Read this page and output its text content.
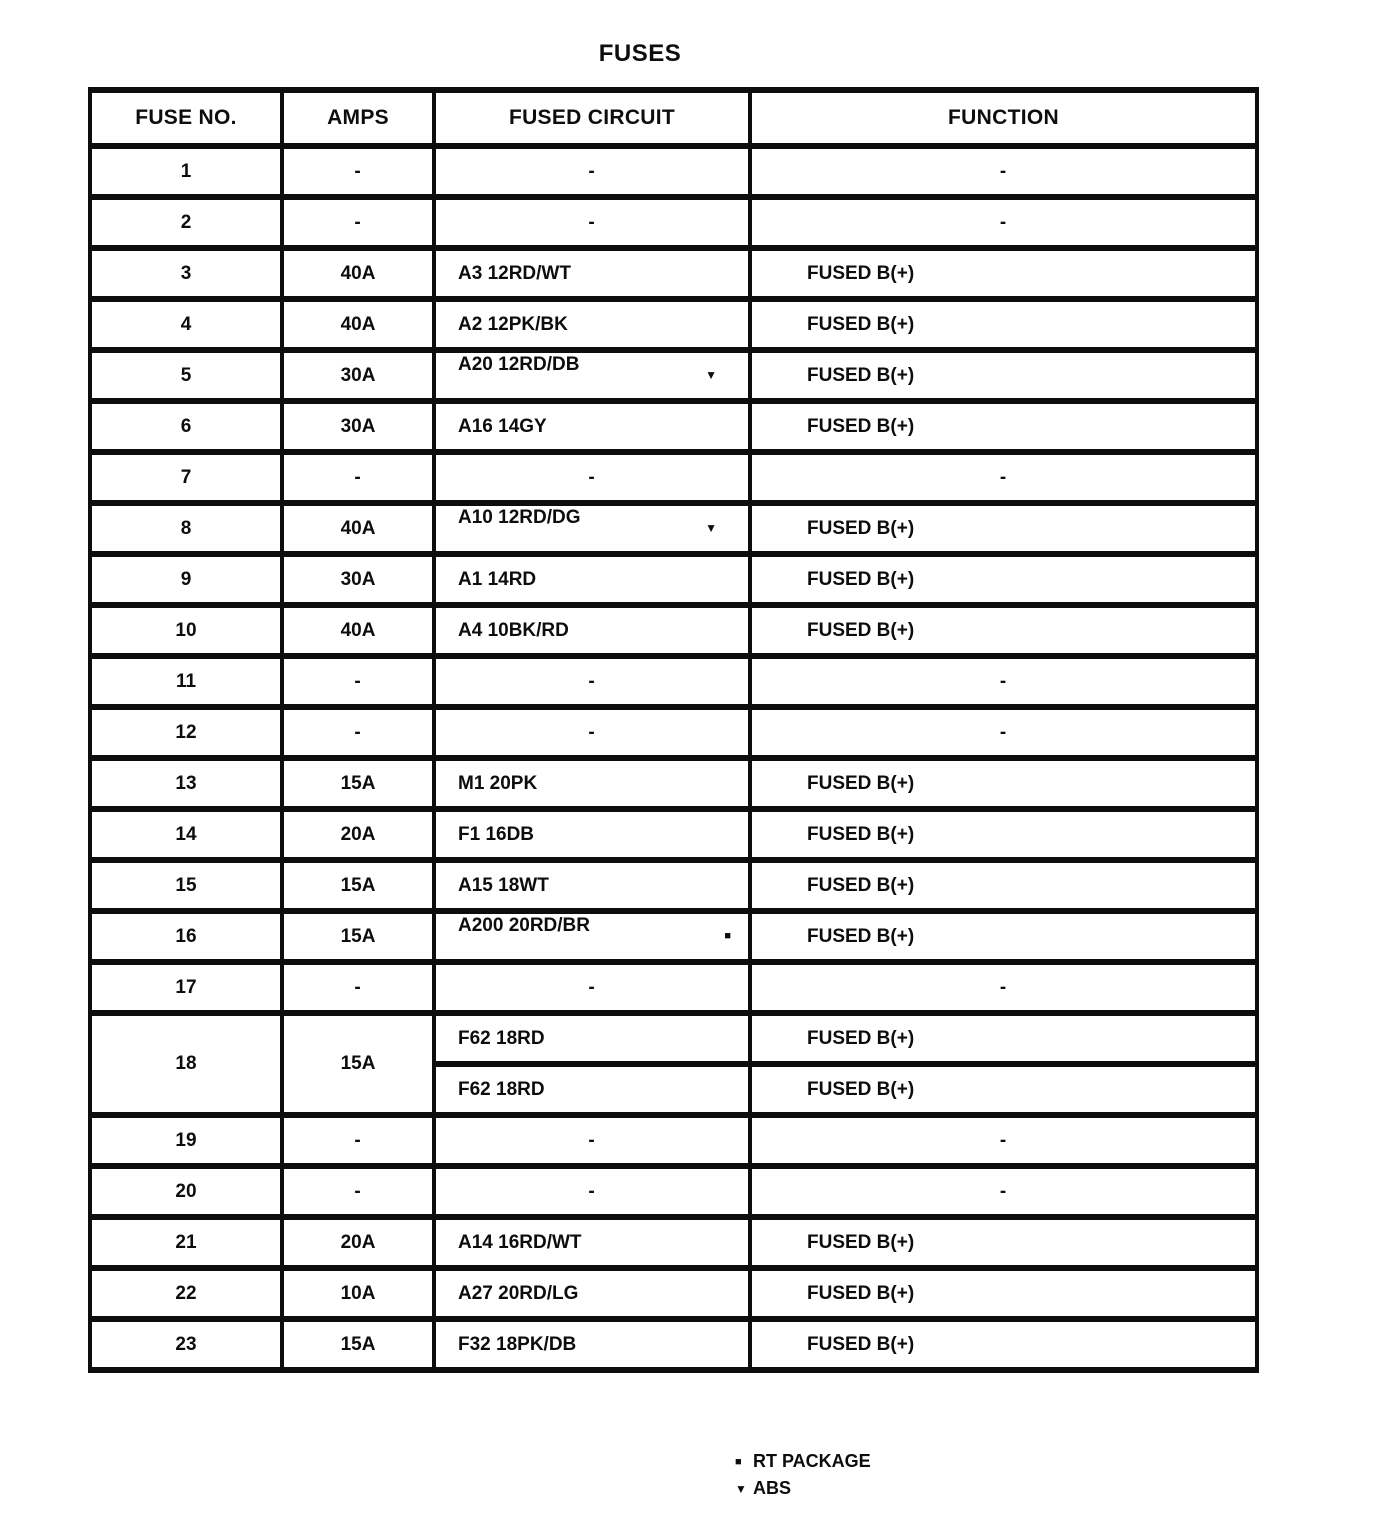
FUSES
FUSE NO.	AMPS	FUSED CIRCUIT	FUNCTION
1	-	-	-
2	-	-	-
3	40A	A3 12RD/WT	FUSED B(+)
4	40A	A2 12PK/BK	FUSED B(+)
5	30A	A20 12RD/DB ▼	FUSED B(+)
6	30A	A16 14GY	FUSED B(+)
7	-	-	-
8	40A	A10 12RD/DG ▼	FUSED B(+)
9	30A	A1 14RD	FUSED B(+)
10	40A	A4 10BK/RD	FUSED B(+)
11	-	-	-
12	-	-	-
13	15A	M1 20PK	FUSED B(+)
14	20A	F1 16DB	FUSED B(+)
15	15A	A15 18WT	FUSED B(+)
16	15A	A200 20RD/BR ■	FUSED B(+)
17	-	-	-
18	15A	F62 18RD	FUSED B(+)
		F62 18RD	FUSED B(+)
19	-	-	-
20	-	-	-
21	20A	A14 16RD/WT	FUSED B(+)
22	10A	A27 20RD/LG	FUSED B(+)
23	15A	F32 18PK/DB	FUSED B(+)
■ RT PACKAGE
▼ ABS
